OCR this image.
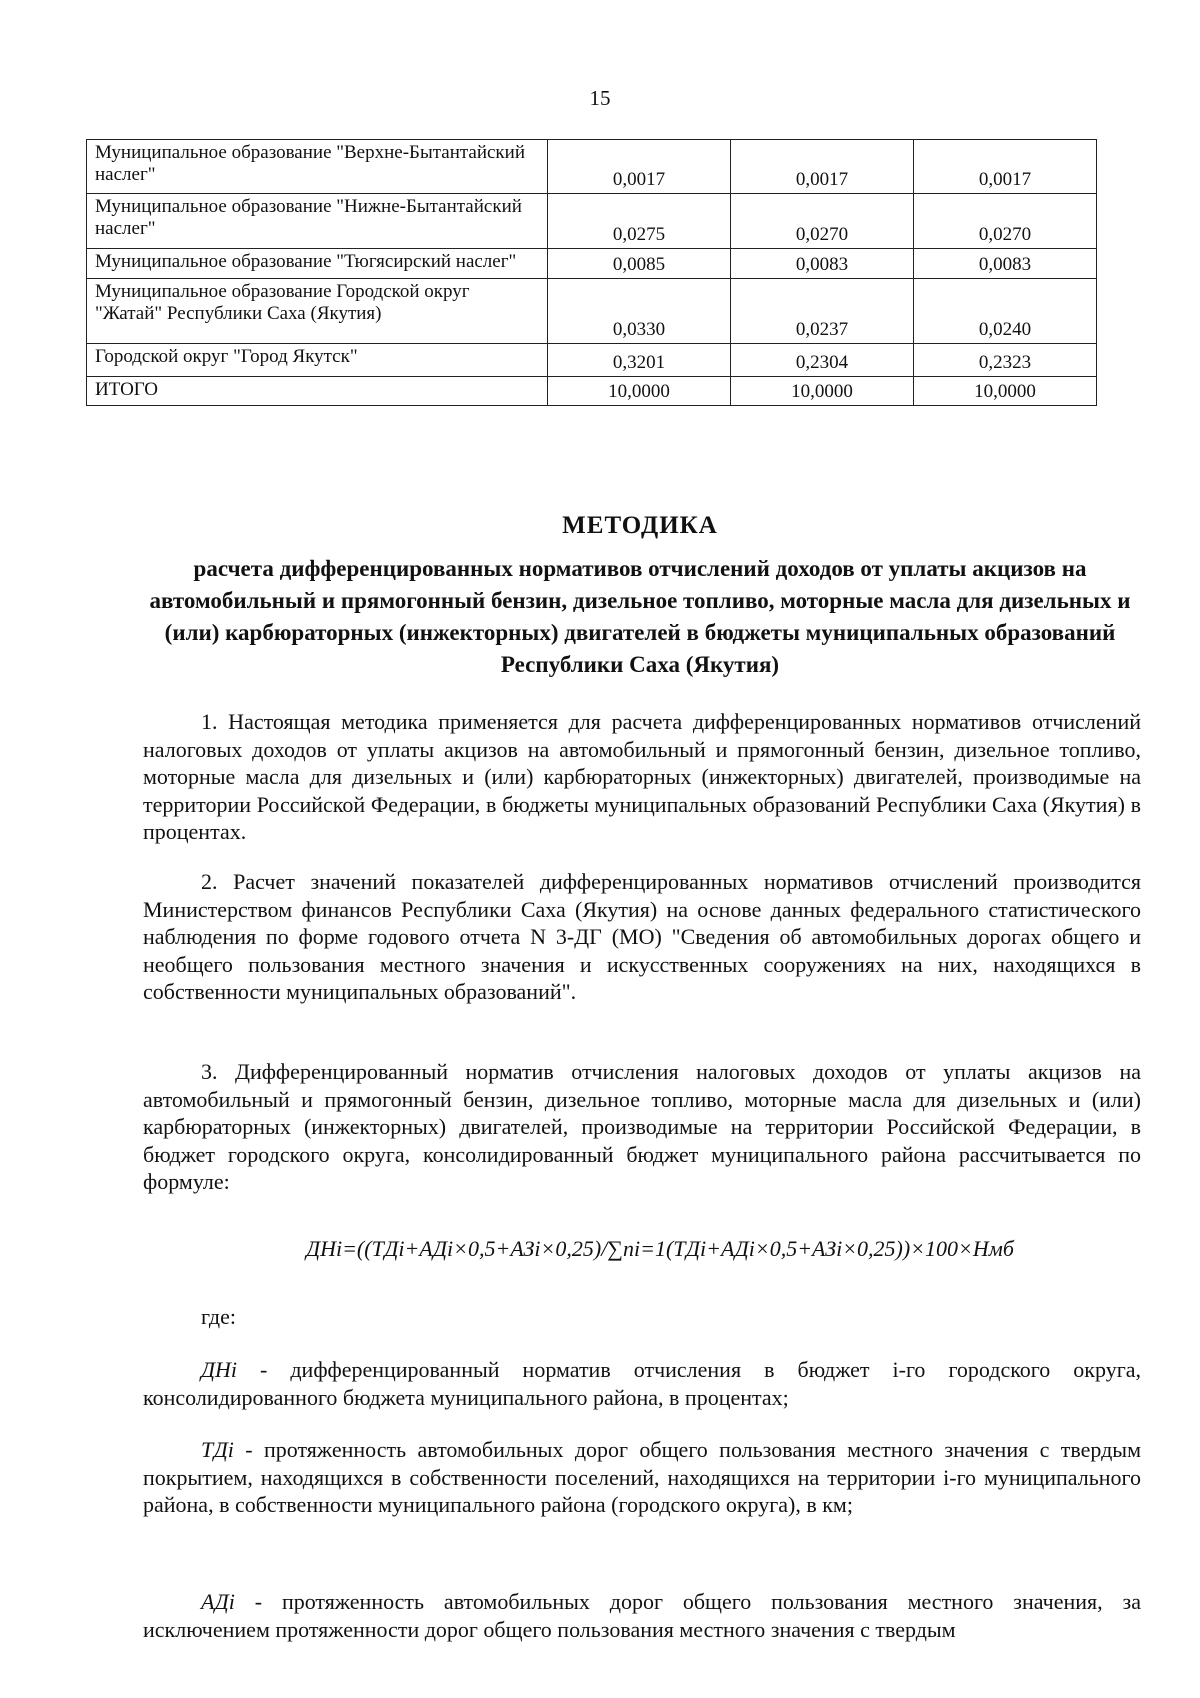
15
Муниципальное образование "Верхне-Бытантайский наслег"	0,0017	0,0017	0,0017
Муниципальное образование "Нижне-Бытантайский наслег"	0,0275	0,0270	0,0270
Муниципальное образование "Тюгясирский наслег"	0,0085	0,0083	0,0083
Муниципальное образование Городской округ "Жатай" Республики Саха (Якутия)	0,0330	0,0237	0,0240
Городской округ "Город Якутск"	0,3201	0,2304	0,2323
ИТОГО	10,0000	10,0000	10,0000
МЕТОДИКА

расчета дифференцированных нормативов отчислений доходов от уплаты акцизов на автомобильный и прямогонный бензин, дизельное топливо, моторные масла для дизельных и (или) карбюраторных (инжекторных) двигателей в бюджеты муниципальных образований Республики Саха (Якутия)

1. Настоящая методика применяется для расчета дифференцированных нормативов отчислений налоговых доходов от уплаты акцизов на автомобильный и прямогонный бензин, дизельное топливо, моторные масла для дизельных и (или) карбюраторных (инжекторных) двигателей, производимые на территории Российской Федерации, в бюджеты муниципальных образований Республики Саха (Якутия) в процентах.

2. Расчет значений показателей дифференцированных нормативов отчислений производится Министерством финансов Республики Саха (Якутия) на основе данных федерального статистического наблюдения по форме годового отчета N 3-ДГ (МО) "Сведения об автомобильных дорогах общего и необщего пользования местного значения и искусственных сооружениях на них, находящихся в собственности муниципальных образований".

3. Дифференцированный норматив отчисления налоговых доходов от уплаты акцизов на автомобильный и прямогонный бензин, дизельное топливо, моторные масла для дизельных и (или) карбюраторных (инжекторных) двигателей, производимые на территории Российской Федерации, в бюджет городского округа, консолидированный бюджет муниципального района рассчитывается по формуле:

ДНi=((ТДi+АДi×0,5+АЗi×0,25)/∑ni=1(ТДi+АДi×0,5+АЗi×0,25))×100×Нмб

где:

ДНi - дифференцированный норматив отчисления в бюджет i-го городского округа, консолидированного бюджета муниципального района, в процентах;

ТДi - протяженность автомобильных дорог общего пользования местного значения с твердым покрытием, находящихся в собственности поселений, находящихся на территории i-го муниципального района, в собственности муниципального района (городского округа), в км;

АДi - протяженность автомобильных дорог общего пользования местного значения, за исключением протяженности дорог общего пользования местного значения с твердым
